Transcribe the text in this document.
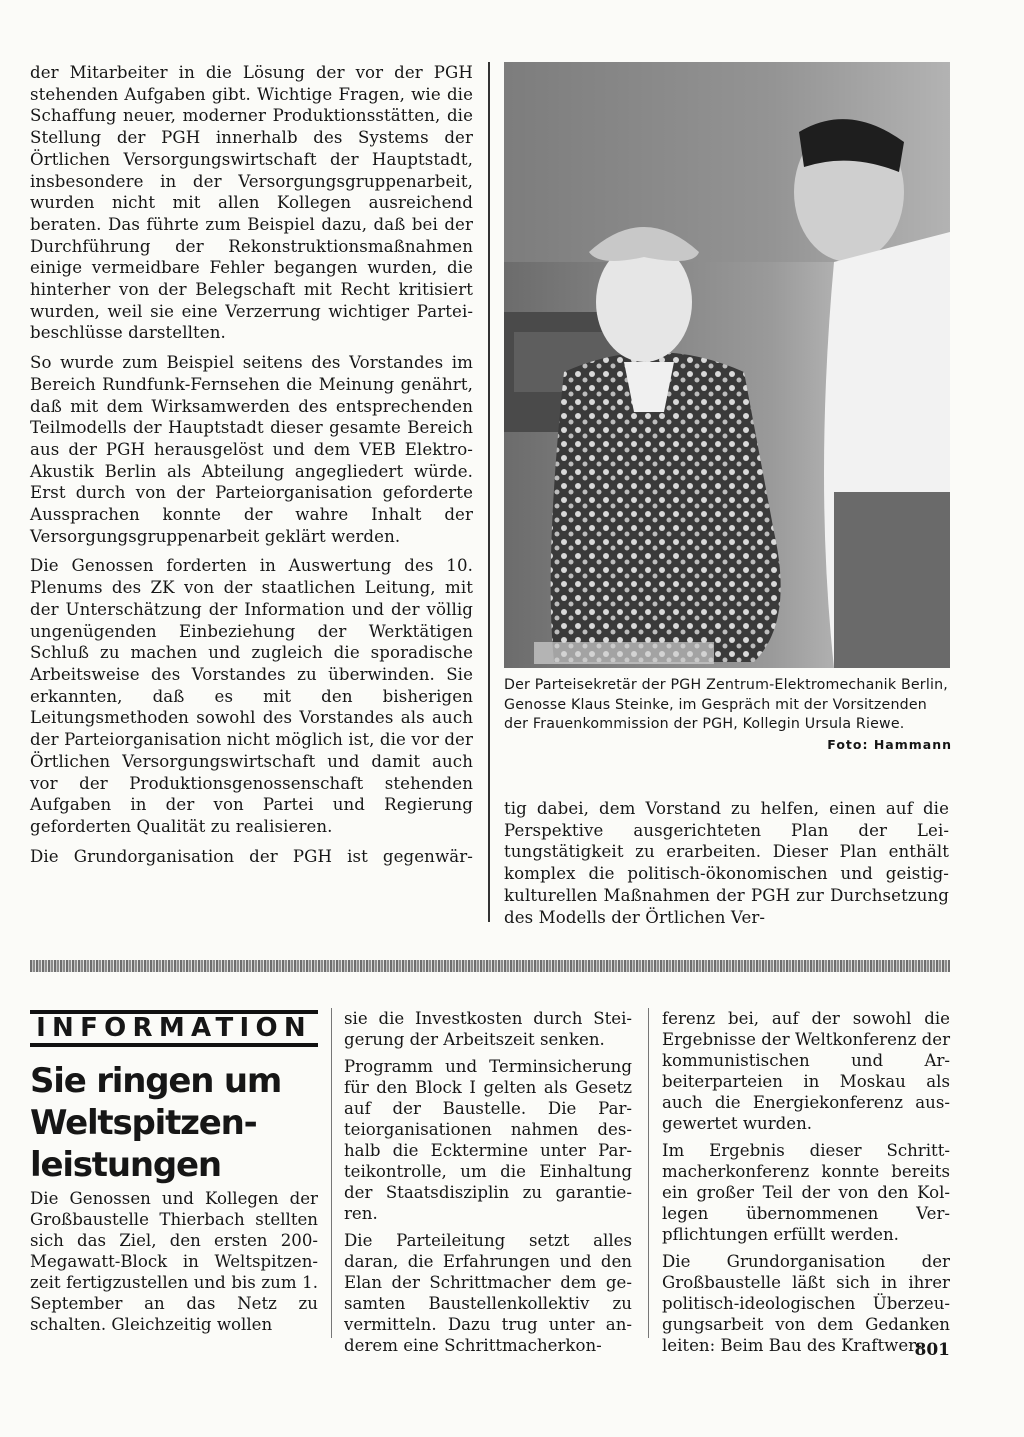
der Mitarbeiter in die Lösung der vor der PGH stehenden Aufgaben gibt. Wichtige Fragen, wie die Schaffung neuer, moderner Produktionsstätten, die Stellung der PGH innerhalb des Systems der Örtlichen Versorgungswirtschaft der Hauptstadt, insbesondere in der Versorgungsgruppenarbeit, wurden nicht mit allen Kollegen ausreichend beraten. Das führte zum Beispiel dazu, daß bei der Durchführung der Rekonstruktionsmaßnahmen einige vermeidbare Fehler begangen wurden, die hinterher von der Belegschaft mit Recht kritisiert wurden, weil sie eine Verzerrung wichtiger Parteibeschlüsse darstellten.

So wurde zum Beispiel seitens des Vorstandes im Bereich Rundfunk-Fernsehen die Meinung genährt, daß mit dem Wirksamwerden des entsprechenden Teilmodells der Hauptstadt dieser gesamte Bereich aus der PGH herausgelöst und dem VEB Elektro-Akustik Berlin als Abteilung angegliedert würde. Erst durch von der Parteiorganisation geforderte Aussprachen konnte der wahre Inhalt der Versorgungsgruppenarbeit geklärt werden.

Die Genossen forderten in Auswertung des 10. Plenums des ZK von der staatlichen Leitung, mit der Unterschätzung der Information und der völlig ungenügenden Einbeziehung der Werktätigen Schluß zu machen und zugleich die sporadische Arbeitsweise des Vorstandes zu überwinden. Sie erkannten, daß es mit den bisherigen Leitungsmethoden sowohl des Vorstandes als auch der Parteiorganisation nicht möglich ist, die vor der Örtlichen Versorgungswirtschaft und damit auch vor der Produktionsgenossenschaft stehenden Aufgaben in der von Partei und Regierung geforderten Qualität zu realisieren.

Die Grundorganisation der PGH ist gegenwär-

Der Parteisekretär der PGH Zentrum-Elektromechanik Berlin, Genosse Klaus Steinke, im Gespräch mit der Vorsitzenden der Frauenkommission der PGH, Kollegin Ursula Riewe.
Foto: Hammann

tig dabei, dem Vorstand zu helfen, einen auf die Perspektive ausgerichteten Plan der Leitungstätigkeit zu erarbeiten. Dieser Plan enthält komplex die politisch-ökonomischen und geistig-kulturellen Maßnahmen der PGH zur Durchsetzung des Modells der Örtlichen Ver-

INFORMATION
Sie ringen um Weltspitzenleistungen

Die Genossen und Kollegen der Großbaustelle Thierbach stellten sich das Ziel, den ersten 200-Megawatt-Block in Weltspitzenzeit fertigzustellen und bis zum 1. September an das Netz zu schalten. Gleichzeitig wollen

sie die Investkosten durch Steigerung der Arbeitszeit senken.

Programm und Terminsicherung für den Block I gelten als Gesetz auf der Baustelle. Die Parteiorganisationen nahmen deshalb die Ecktermine unter Parteikontrolle, um die Einhaltung der Staatsdisziplin zu garantieren.

Die Parteileitung setzt alles daran, die Erfahrungen und den Elan der Schrittmacher dem gesamten Baustellenkollektiv zu vermitteln. Dazu trug unter anderem eine Schrittmacherkon-

ferenz bei, auf der sowohl die Ergebnisse der Weltkonferenz der kommunistischen und Arbeiterparteien in Moskau als auch die Energiekonferenz ausgewertet wurden.

Im Ergebnis dieser Schrittmacherkonferenz konnte bereits ein großer Teil der von den Kollegen übernommenen Verpflichtungen erfüllt werden.

Die Grundorganisation der Großbaustelle läßt sich in ihrer politisch-ideologischen Überzeugungsarbeit von dem Gedanken leiten: Beim Bau des Kraftwer-

801
